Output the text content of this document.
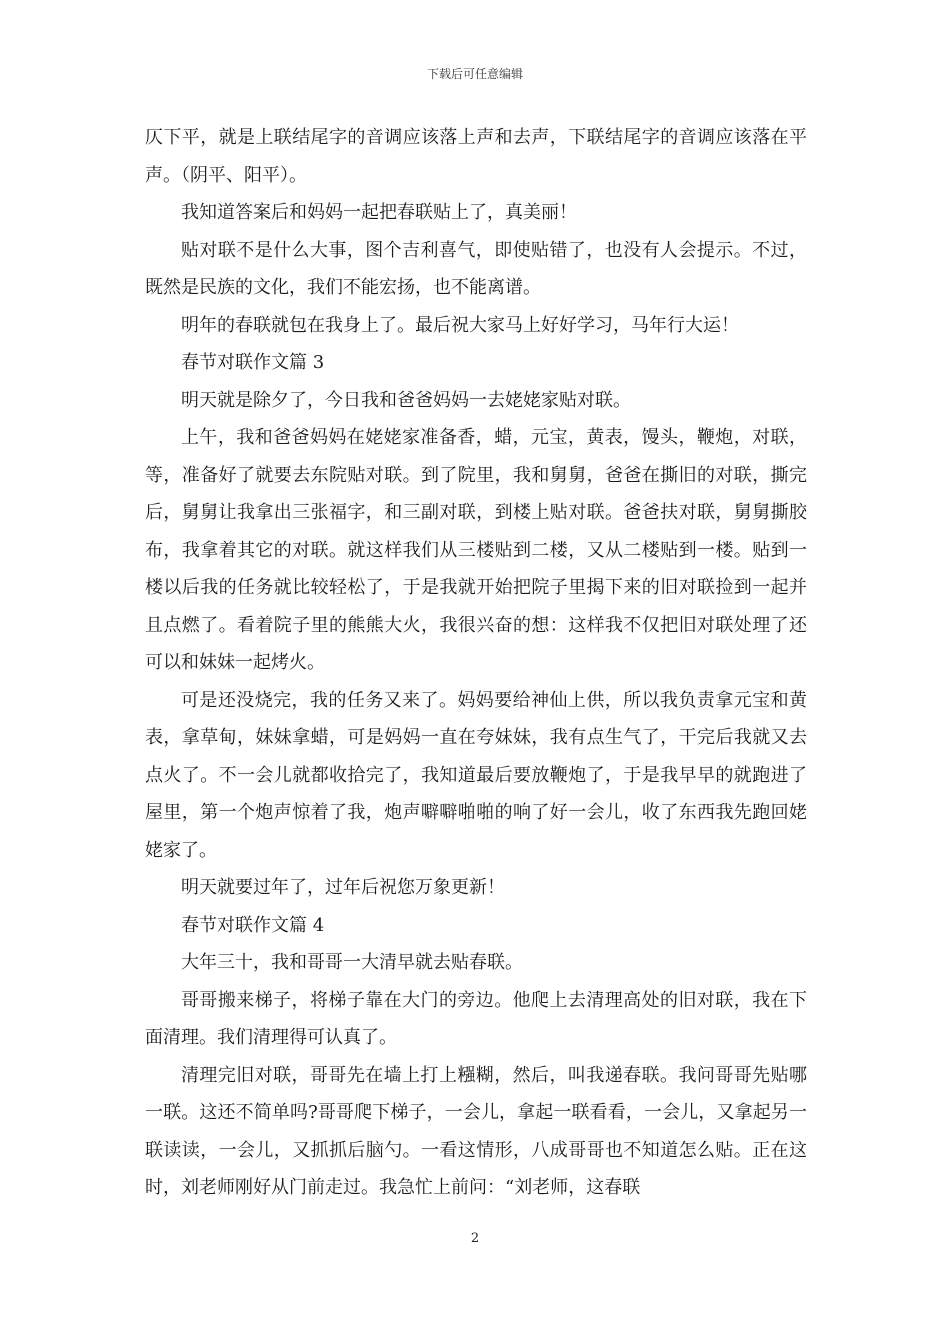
下载后可任意编辑

仄下平，就是上联结尾字的音调应该落上声和去声，下联结尾字的音调应该落在平声。（阴平、阳平）。

我知道答案后和妈妈一起把春联贴上了，真美丽！

贴对联不是什么大事，图个吉利喜气，即使贴错了，也没有人会提示。不过，既然是民族的文化，我们不能宏扬，也不能离谱。

明年的春联就包在我身上了。最后祝大家马上好好学习，马年行大运！

春节对联作文篇 3

明天就是除夕了，今日我和爸爸妈妈一去姥姥家贴对联。

上午，我和爸爸妈妈在姥姥家准备香，蜡，元宝，黄表，馒头，鞭炮，对联，等，准备好了就要去东院贴对联。到了院里，我和舅舅，爸爸在撕旧的对联，撕完后，舅舅让我拿出三张福字，和三副对联，到楼上贴对联。爸爸扶对联，舅舅撕胶布，我拿着其它的对联。就这样我们从三楼贴到二楼，又从二楼贴到一楼。贴到一楼以后我的任务就比较轻松了，于是我就开始把院子里揭下来的旧对联捡到一起并且点燃了。看着院子里的熊熊大火，我很兴奋的想：这样我不仅把旧对联处理了还可以和妹妹一起烤火。

可是还没烧完，我的任务又来了。妈妈要给神仙上供，所以我负责拿元宝和黄表，拿草甸，妹妹拿蜡，可是妈妈一直在夸妹妹，我有点生气了，干完后我就又去点火了。不一会儿就都收拾完了，我知道最后要放鞭炮了，于是我早早的就跑进了屋里，第一个炮声惊着了我，炮声噼噼啪啪的响了好一会儿，收了东西我先跑回姥姥家了。

明天就要过年了，过年后祝您万象更新！

春节对联作文篇 4

大年三十，我和哥哥一大清早就去贴春联。

哥哥搬来梯子，将梯子靠在大门的旁边。他爬上去清理高处的旧对联，我在下面清理。我们清理得可认真了。

清理完旧对联，哥哥先在墙上打上糨糊，然后，叫我递春联。我问哥哥先贴哪一联。这还不简单吗?哥哥爬下梯子，一会儿，拿起一联看看，一会儿，又拿起另一联读读，一会儿，又抓抓后脑勺。一看这情形，八成哥哥也不知道怎么贴。正在这时，刘老师刚好从门前走过。我急忙上前问：“刘老师，这春联

2
